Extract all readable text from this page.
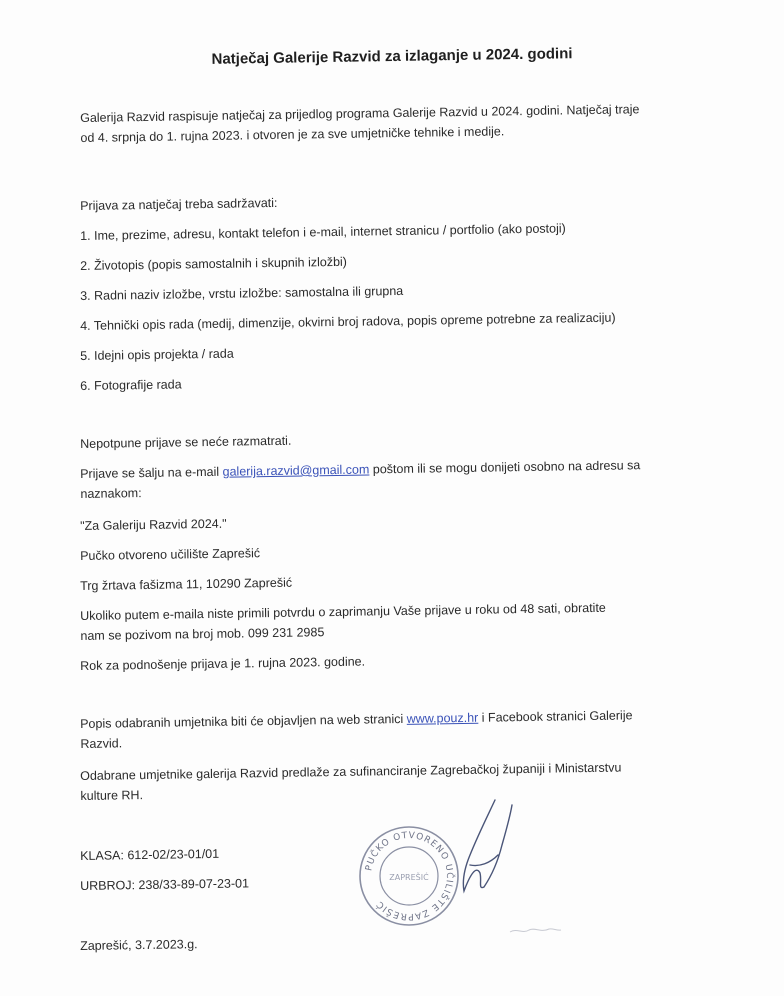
Natječaj Galerije Razvid za izlaganje u 2024. godini

Galerija Razvid raspisuje natječaj za prijedlog programa Galerije Razvid u 2024. godini. Natječaj traje

od 4. srpnja do 1. rujna 2023. i otvoren je za sve umjetničke tehnike i medije.

Prijava za natječaj treba sadržavati:
1. Ime, prezime, adresu, kontakt telefon i e-mail, internet stranicu / portfolio (ako postoji)
2. Životopis (popis samostalnih i skupnih izložbi)
3. Radni naziv izložbe, vrstu izložbe: samostalna ili grupna
4. Tehnički opis rada (medij, dimenzije, okvirni broj radova, popis opreme potrebne za realizaciju)
5. Idejni opis projekta / rada
6. Fotografije rada
Nepotpune prijave se neće razmatrati.

Prijave se šalju na e-mail galerija.razvid@gmail.com poštom ili se mogu donijeti osobno na adresu sa

naznakom:

"Za Galeriju Razvid 2024."
Pučko otvoreno učilište Zaprešić
Trg žrtava fašizma 11, 10290 Zaprešić

Ukoliko putem e-maila niste primili potvrdu o zaprimanju Vaše prijave u roku od 48 sati, obratite

nam se pozivom na broj mob. 099 231 2985

Rok za podnošenje prijava je 1. rujna 2023. godine.

Popis odabranih umjetnika biti će objavljen na web stranici www.pouz.hr i Facebook stranici Galerije

Razvid.

Odabrane umjetnike galerija Razvid predlaže za sufinanciranje Zagrebačkoj županiji i Ministarstvu

kulture RH.

KLASA: 612-02/23-01/01
URBROJ: 238/33-89-07-23-01
Zaprešić, 3.7.2023.g.
PUČKO OTVORENO UČILIŠTE ZAPREŠIĆ
ZAPREŠIĆ
